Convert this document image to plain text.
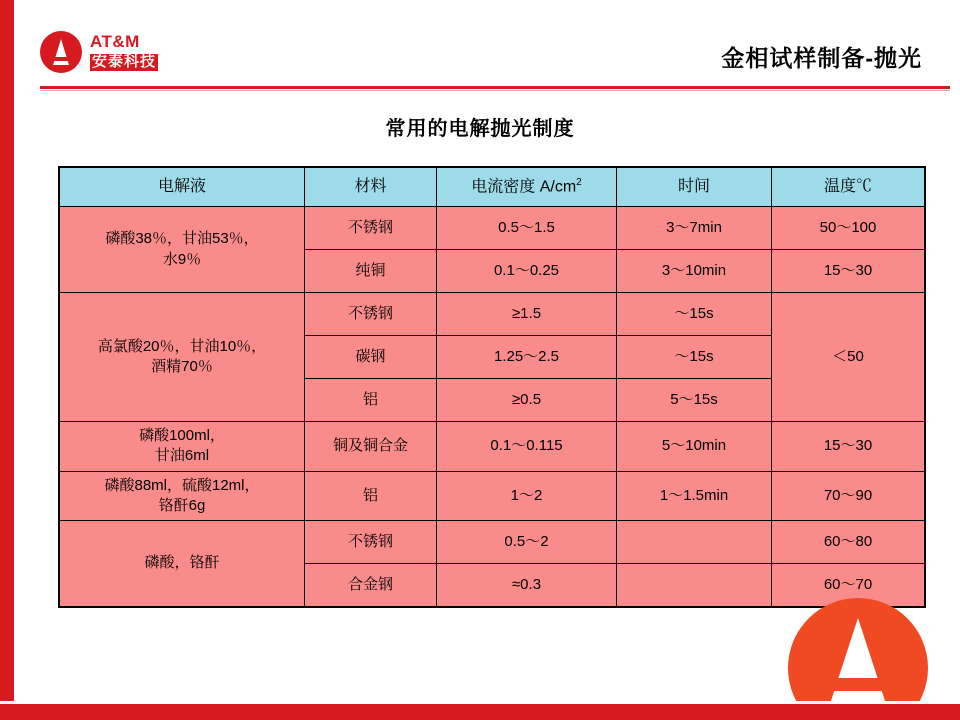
AT&M
安泰科技	金相试样制备-抛光
常用的电解抛光制度
电解液	材料	电流密度 $A/cm^2$	时间	温度℃

磷酸38％，甘油53％，
水9％	不锈钢	0.5～1.5	3～7min	50～100
	纯铜	0.1～0.25	3～10min	15～30

高氯酸20％，甘油10％，
酒精70％	不锈钢	≥1.5	～15s	＜50
	碳钢	1.25～2.5	～15s	
	铝	≥0.5	5～15s	

磷酸100ml，
甘油6ml	铜及铜合金	0.1～0.115	5～10min	15～30

磷酸88ml，硫酸12ml，
铬酐6g	铝	1～2	1～1.5min	70～90
磷酸，铬酐	不锈钢	0.5～2		60～80
	合金钢	≈0.3		60～70
